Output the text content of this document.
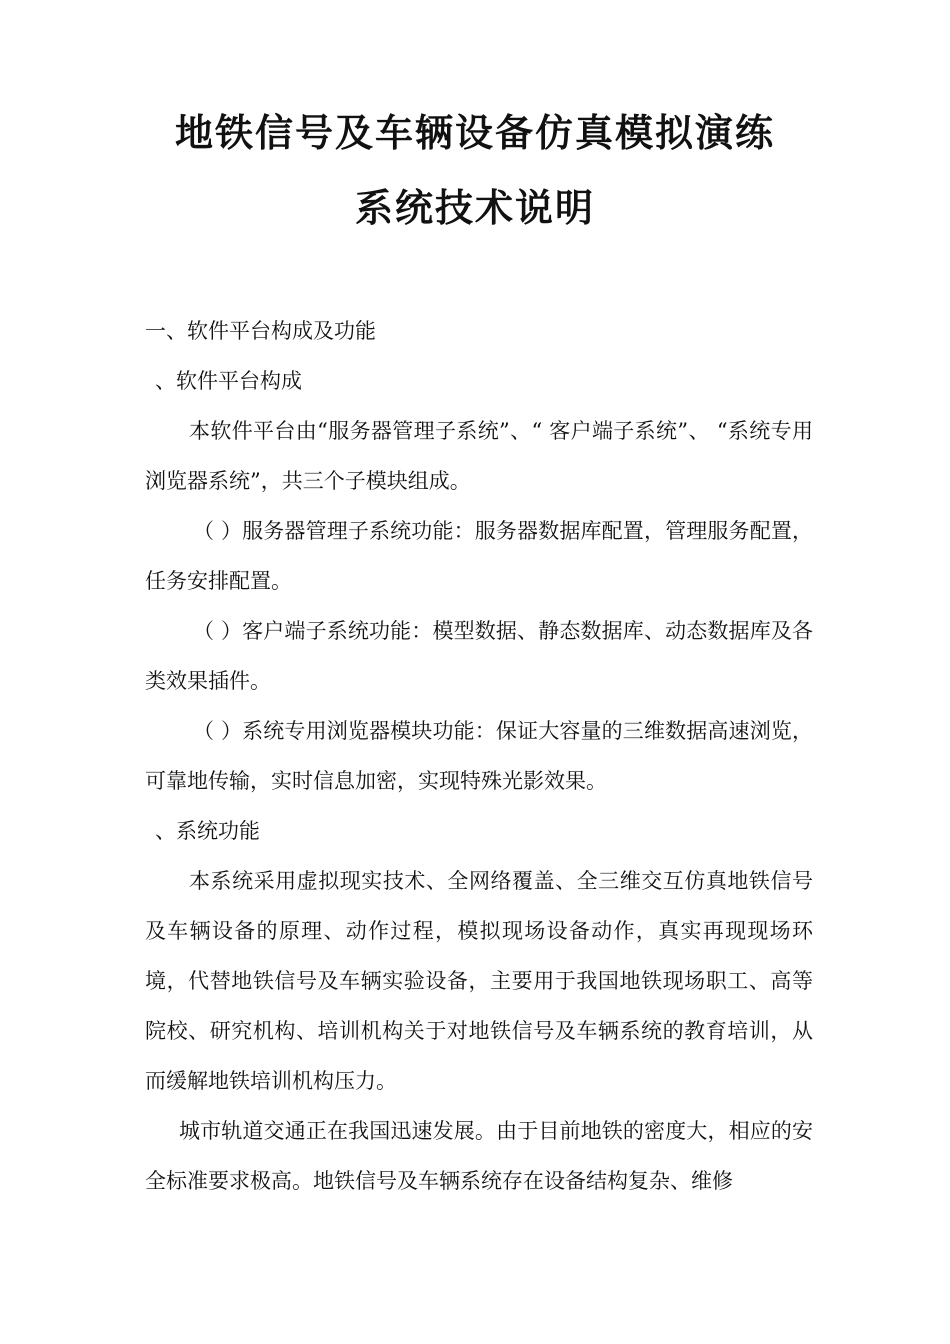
地铁信号及车辆设备仿真模拟演练
系统技术说明

一、软件平台构成及功能

、软件平台构成

本软件平台由“服务器管理子系统”、“ 客户端子系统”、 “系统专用浏览器系统”，共三个子模块组成。

（ ）服务器管理子系统功能：服务器数据库配置，管理服务配置，任务安排配置。

（ ）客户端子系统功能：模型数据、静态数据库、动态数据库及各类效果插件。

（ ）系统专用浏览器模块功能：保证大容量的三维数据高速浏览，可靠地传输，实时信息加密，实现特殊光影效果。

、系统功能

本系统采用虚拟现实技术、全网络覆盖、全三维交互仿真地铁信号及车辆设备的原理、动作过程，模拟现场设备动作，真实再现现场环境，代替地铁信号及车辆实验设备，主要用于我国地铁现场职工、高等院校、研究机构、培训机构关于对地铁信号及车辆系统的教育培训，从而缓解地铁培训机构压力。

城市轨道交通正在我国迅速发展。由于目前地铁的密度大，相应的安全标准要求极高。地铁信号及车辆系统存在设备结构复杂、维修
